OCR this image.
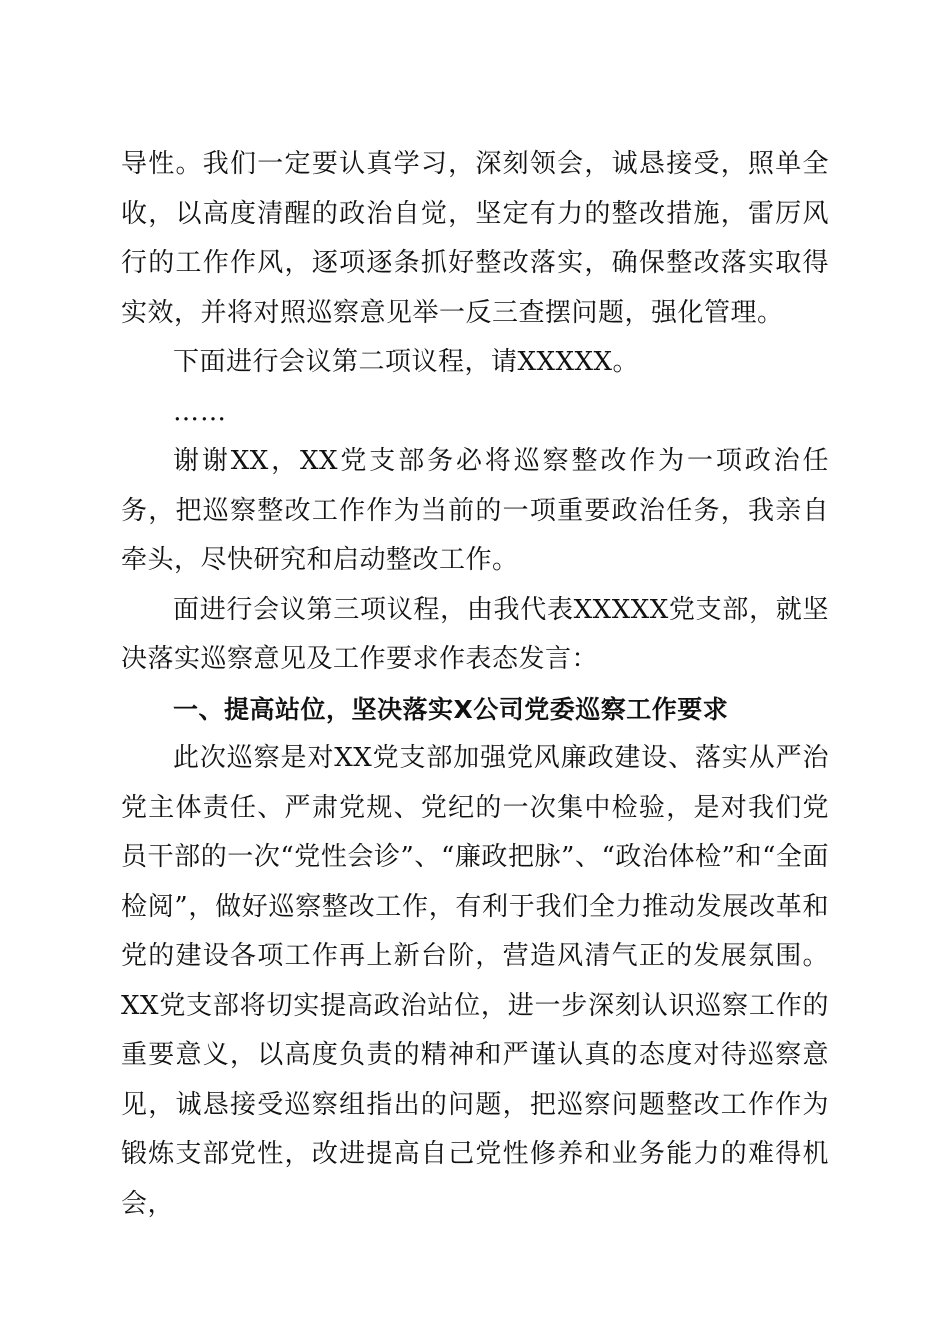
导性。我们一定要认真学习，深刻领会，诚恳接受，照单全收，以高度清醒的政治自觉，坚定有力的整改措施，雷厉风行的工作作风，逐项逐条抓好整改落实，确保整改落实取得实效，并将对照巡察意见举一反三查摆问题，强化管理。

下面进行会议第二项议程，请XXXXX。

……

谢谢XX，XX党支部务必将巡察整改作为一项政治任务，把巡察整改工作作为当前的一项重要政治任务，我亲自牵头，尽快研究和启动整改工作。

面进行会议第三项议程，由我代表XXXXX党支部，就坚决落实巡察意见及工作要求作表态发言：

一、提高站位，坚决落实X公司党委巡察工作要求

此次巡察是对XX党支部加强党风廉政建设、落实从严治党主体责任、严肃党规、党纪的一次集中检验，是对我们党员干部的一次“党性会诊”、“廉政把脉”、“政治体检”和“全面检阅”，做好巡察整改工作，有利于我们全力推动发展改革和党的建设各项工作再上新台阶，营造风清气正的发展氛围。XX党支部将切实提高政治站位，进一步深刻认识巡察工作的重要意义，以高度负责的精神和严谨认真的态度对待巡察意见，诚恳接受巡察组指出的问题，把巡察问题整改工作作为锻炼支部党性，改进提高自己党性修养和业务能力的难得机会，
